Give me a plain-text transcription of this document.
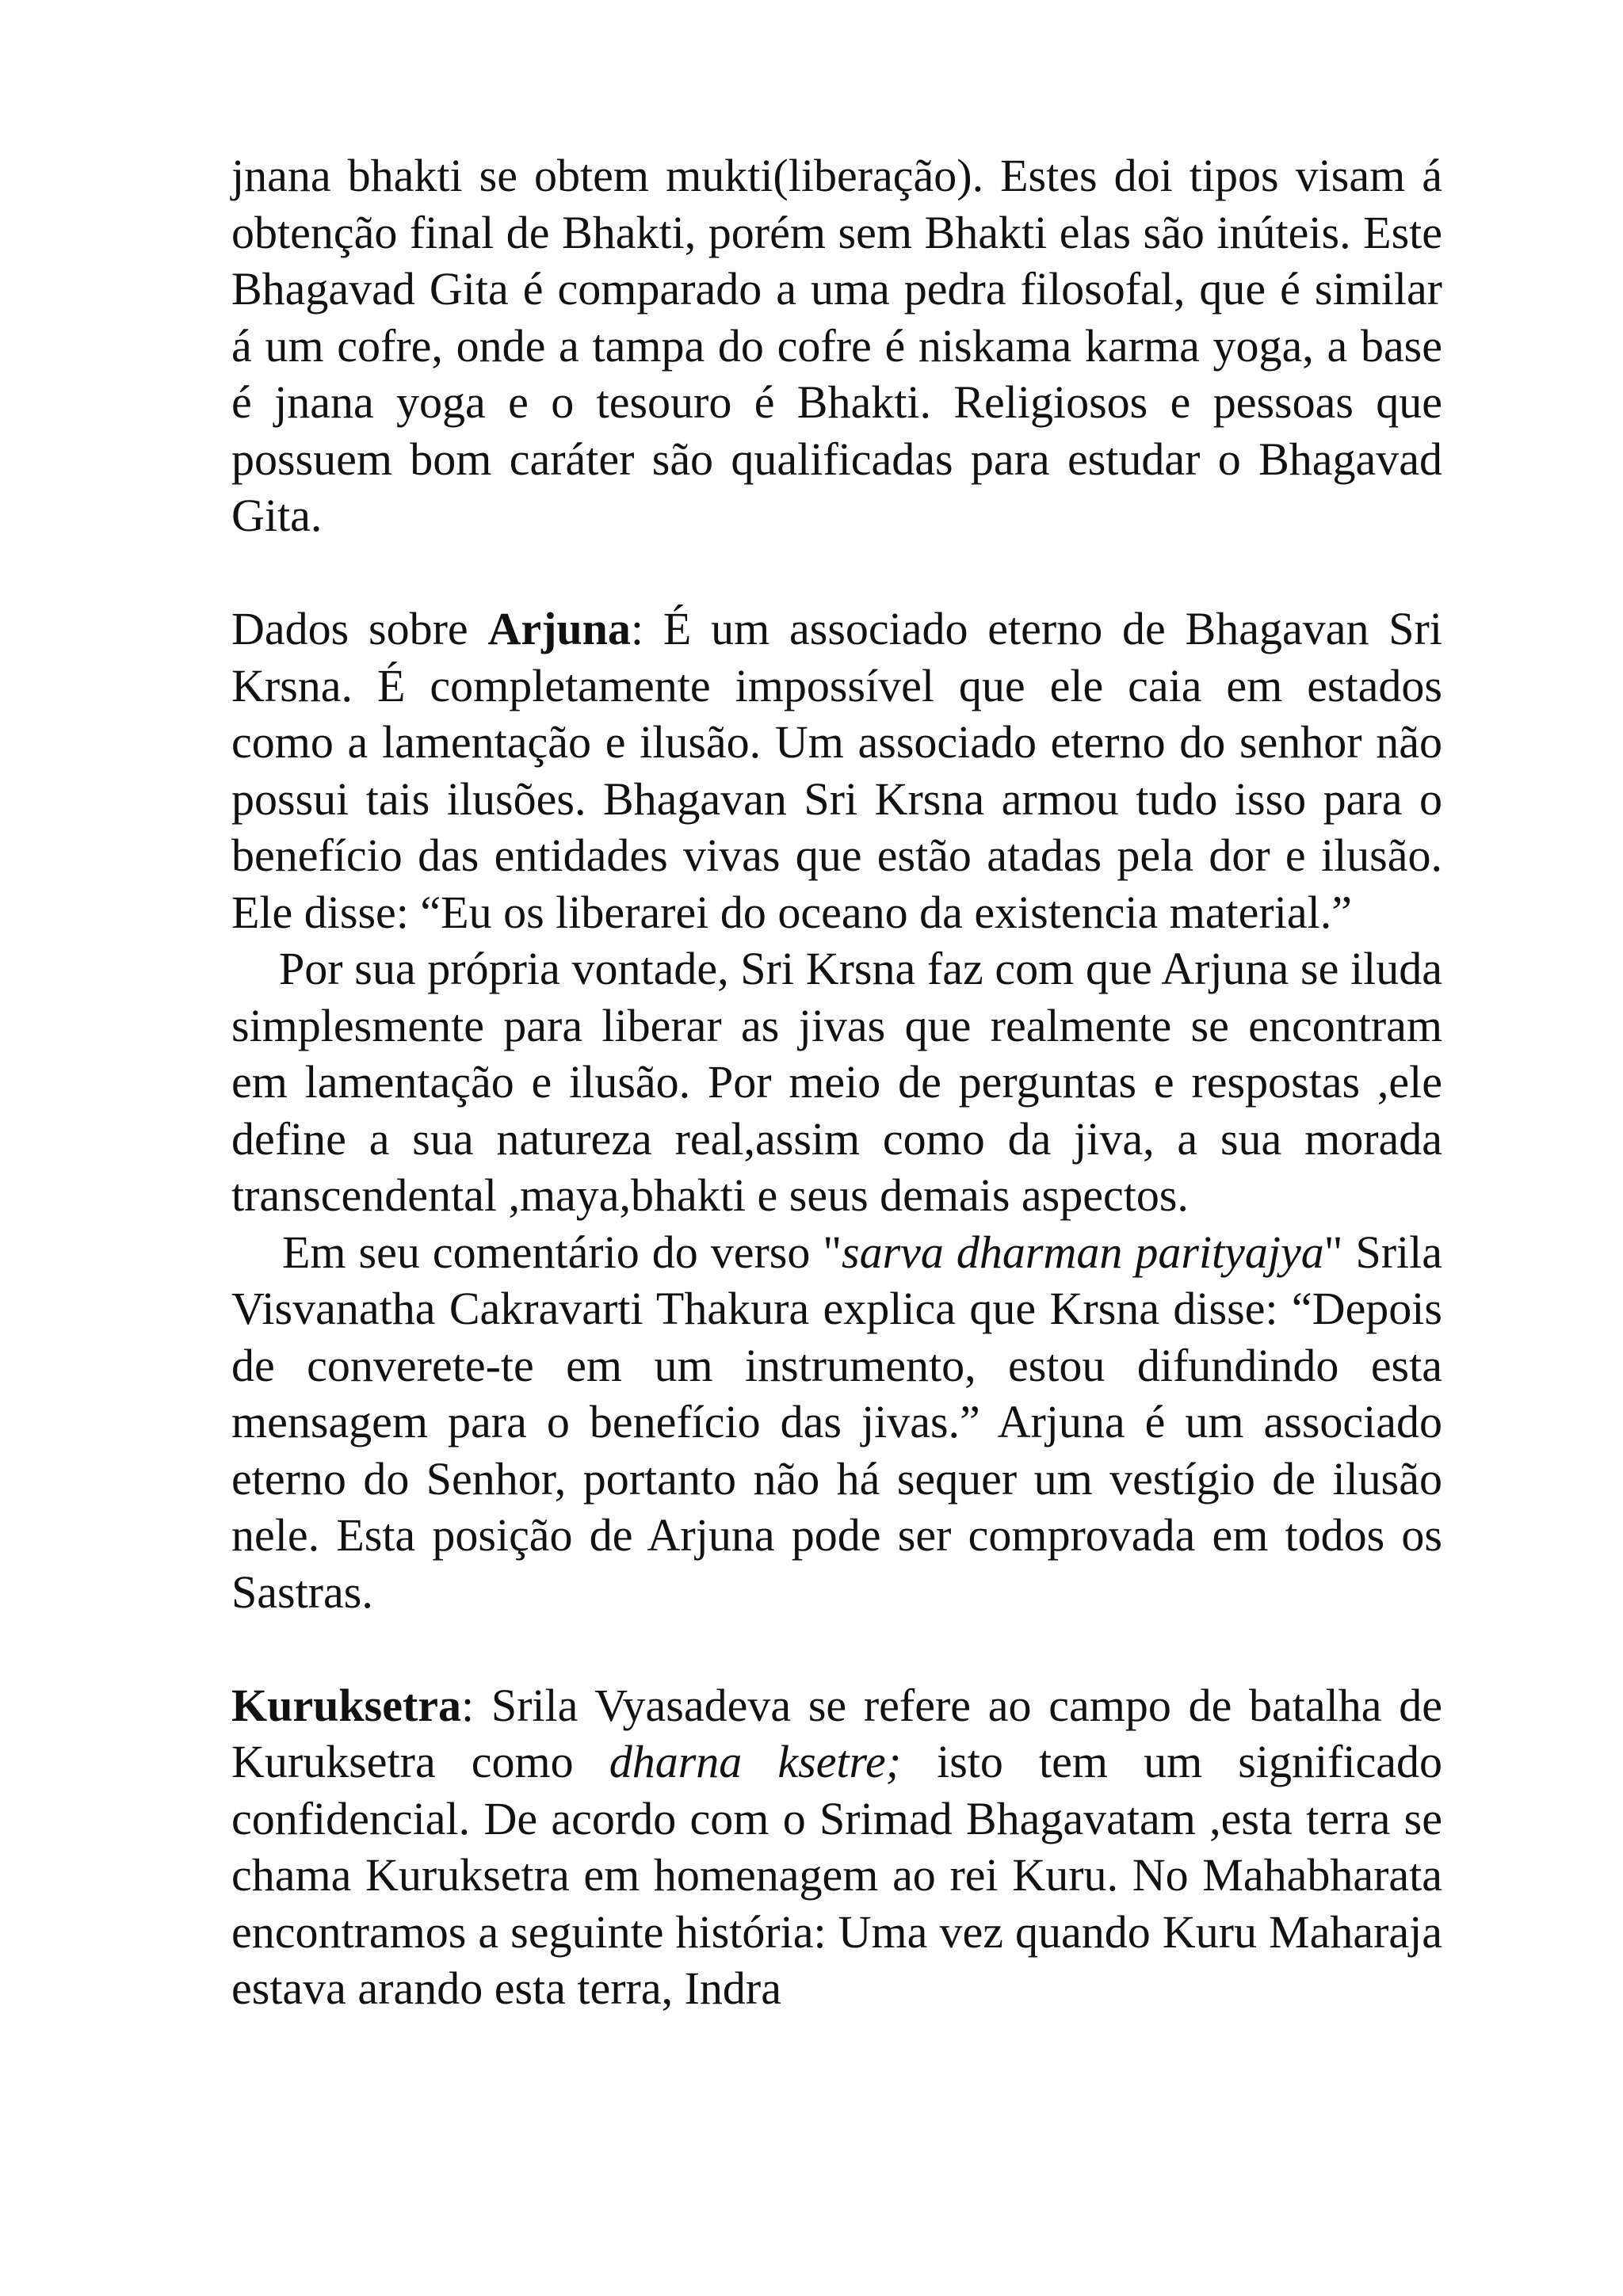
jnana bhakti se obtem mukti(liberação). Estes doi tipos visam á obtenção final de Bhakti, porém sem Bhakti elas são inúteis. Este Bhagavad Gita é comparado a uma pedra filosofal, que é similar á um cofre, onde a tampa do cofre é niskama karma yoga, a base é jnana yoga e o tesouro é Bhakti. Religiosos e pessoas que possuem bom caráter são qualificadas para estudar o Bhagavad Gita.

Dados sobre Arjuna: É um associado eterno de Bhagavan Sri Krsna. É completamente impossível que ele caia em estados como a lamentação e ilusão. Um associado eterno do senhor não possui tais ilusões. Bhagavan Sri Krsna armou tudo isso para o benefício das entidades vivas que estão atadas pela dor e ilusão. Ele disse: “Eu os liberarei do oceano da existencia material.”

Por sua própria vontade, Sri Krsna faz com que Arjuna se iluda simplesmente para liberar as jivas que realmente se encontram em lamentação e ilusão. Por meio de perguntas e respostas ,ele define a sua natureza real,assim como da jiva, a sua morada transcendental ,maya,bhakti e seus demais aspectos.

Em seu comentário do verso "sarva dharman parityajya" Srila Visvanatha Cakravarti Thakura explica que Krsna disse: “Depois de converete-te em um instrumento, estou difundindo esta mensagem para o benefício das jivas.” Arjuna é um associado eterno do Senhor, portanto não há sequer um vestígio de ilusão nele. Esta posição de Arjuna pode ser comprovada em todos os Sastras.

Kuruksetra: Srila Vyasadeva se refere ao campo de batalha de Kuruksetra como dharna ksetre; isto tem um significado confidencial. De acordo com o Srimad Bhagavatam ,esta terra se chama Kuruksetra em homenagem ao rei Kuru. No Mahabharata encontramos a seguinte história: Uma vez quando Kuru Maharaja estava arando esta terra, Indra
